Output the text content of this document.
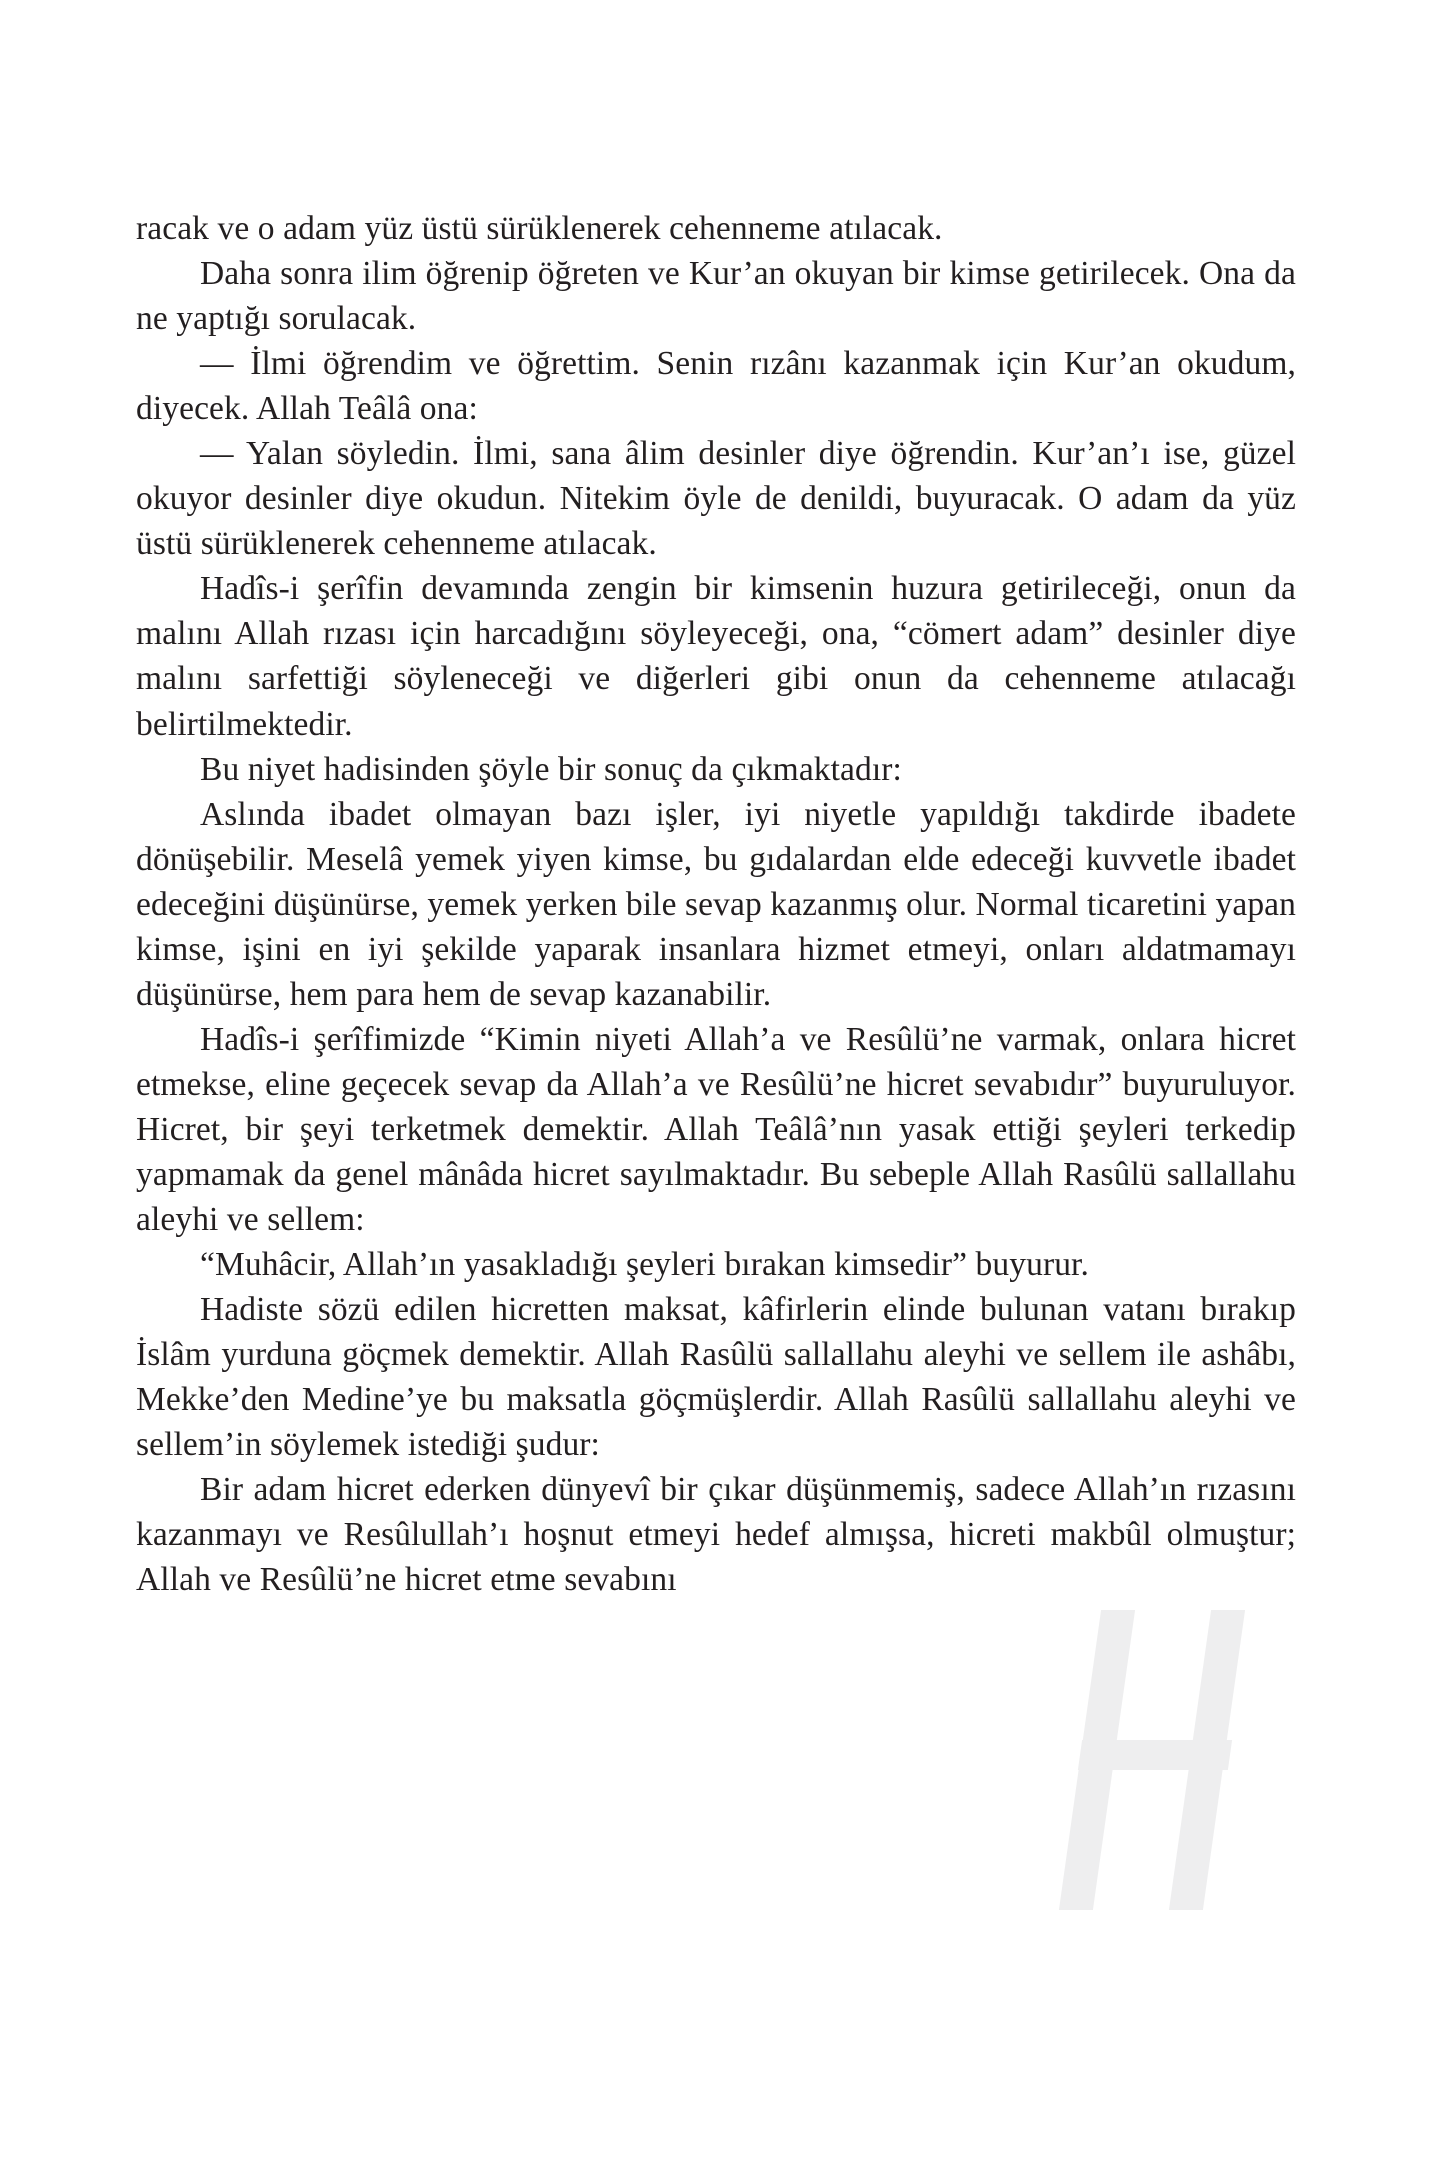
racak ve o adam yüz üstü sürüklenerek cehenneme atılacak.

Daha sonra ilim öğrenip öğreten ve Kur’an okuyan bir kimse getirilecek. Ona da ne yaptığı sorulacak.

— İlmi öğrendim ve öğrettim. Senin rızânı kazanmak için Kur’an okudum, diyecek. Allah Teâlâ ona:

— Yalan söyledin. İlmi, sana âlim desinler diye öğrendin. Kur’an’ı ise, güzel okuyor desinler diye okudun. Nitekim öyle de denildi, buyuracak. O adam da yüz üstü sürüklenerek cehenneme atılacak.

Hadîs-i şerîfin devamında zengin bir kimsenin huzura getirileceği, onun da malını Allah rızası için harcadığını söyleyeceği, ona, “cömert adam” desinler diye malını sarfettiği söyleneceği ve diğerleri gibi onun da cehenneme atılacağı belirtilmektedir.

Bu niyet hadisinden şöyle bir sonuç da çıkmaktadır:

Aslında ibadet olmayan bazı işler, iyi niyetle yapıldığı takdirde ibadete dönüşebilir. Meselâ yemek yiyen kimse, bu gıdalardan elde edeceği kuvvetle ibadet edeceğini düşünürse, yemek yerken bile sevap kazanmış olur. Normal ticaretini yapan kimse, işini en iyi şekilde yaparak insanlara hizmet etmeyi, onları aldatmamayı düşünürse, hem para hem de sevap kazanabilir.

Hadîs-i şerîfimizde “Kimin niyeti Allah’a ve Resûlü’ne varmak, onlara hicret etmekse, eline geçecek sevap da Allah’a ve Resûlü’ne hicret sevabıdır” buyuruluyor. Hicret, bir şeyi terketmek demektir. Allah Teâlâ’nın yasak ettiği şeyleri terkedip yapmamak da genel mânâda hicret sayılmaktadır. Bu sebeple Allah Rasûlü sallallahu aleyhi ve sellem:

“Muhâcir, Allah’ın yasakladığı şeyleri bırakan kimsedir” buyurur.

Hadiste sözü edilen hicretten maksat, kâfirlerin elinde bulunan vatanı bırakıp İslâm yurduna göçmek demektir. Allah Rasûlü sallallahu aleyhi ve sellem ile ashâbı, Mekke’den Medine’ye bu maksatla göçmüşlerdir. Allah Rasûlü sallallahu aleyhi ve sellem’in söylemek istediği şudur:

Bir adam hicret ederken dünyevî bir çıkar düşünmemiş, sadece Allah’ın rızasını kazanmayı ve Resûlullah’ı hoşnut etmeyi hedef almışsa, hicreti makbûl olmuştur; Allah ve Resûlü’ne hicret etme sevabını
